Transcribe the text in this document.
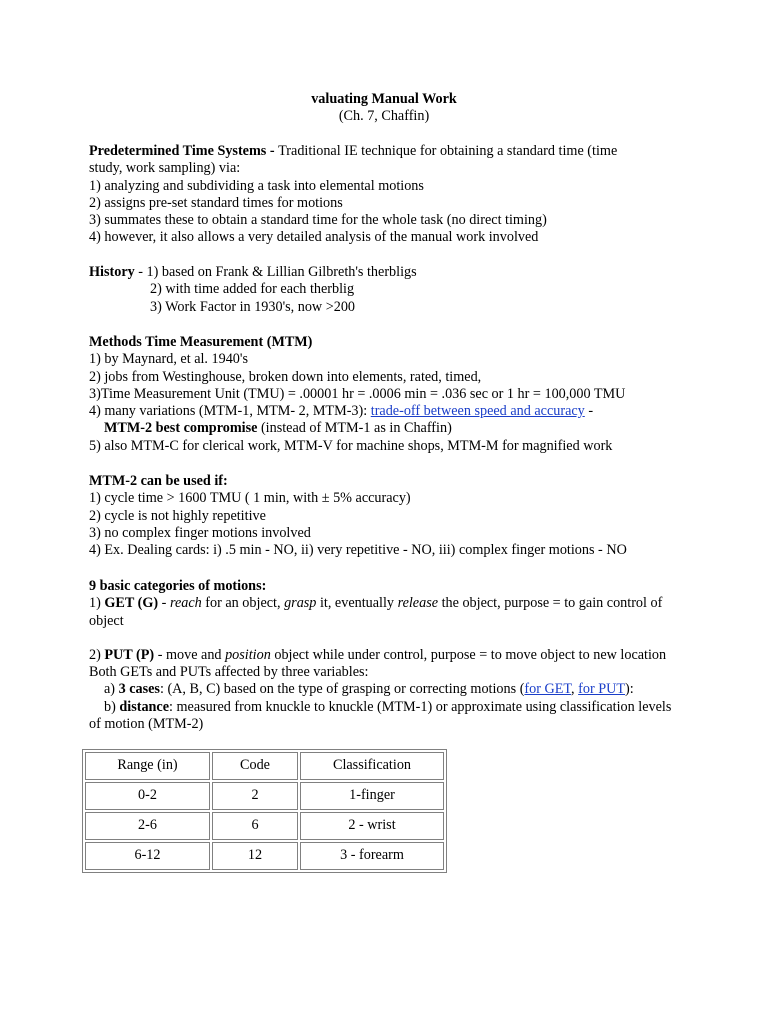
valuating Manual Work
(Ch. 7, Chaffin)
Predetermined Time Systems - Traditional IE technique for obtaining a standard time (time
study, work sampling) via:
1) analyzing and subdividing a task into elemental motions
2) assigns pre-set standard times for motions
3) summates these to obtain a standard time for the whole task (no direct timing)
4) however, it also allows a very detailed analysis of the manual work involved
History - 1) based on Frank & Lillian Gilbreth's therbligs
2) with time added for each therblig
3) Work Factor in 1930's, now >200
Methods Time Measurement (MTM)
1) by Maynard, et al. 1940's
2) jobs from Westinghouse, broken down into elements, rated, timed,
3)Time Measurement Unit (TMU) = .00001 hr = .0006 min = .036 sec or 1 hr = 100,000 TMU
4) many variations (MTM-1, MTM- 2, MTM-3): trade-off between speed and accuracy -
MTM-2 best compromise (instead of MTM-1 as in Chaffin)
5) also MTM-C for clerical work, MTM-V for machine shops, MTM-M for magnified work
MTM-2 can be used if:
1) cycle time > 1600 TMU ( 1 min, with ± 5% accuracy)
2) cycle is not highly repetitive
3) no complex finger motions involved
4) Ex. Dealing cards: i) .5 min - NO, ii) very repetitive - NO, iii) complex finger motions - NO
9 basic categories of motions:
1) GET (G) - reach for an object, grasp it, eventually release the object, purpose = to gain control of object
2) PUT (P) - move and position object while under control, purpose = to move object to new location
Both GETs and PUTs affected by three variables:
a) 3 cases: (A, B, C) based on the type of grasping or correcting motions (for GET, for PUT):
b) distance: measured from knuckle to knuckle (MTM-1) or approximate using classification levels of motion (MTM-2)
Range (in)	Code	Classification
0-2	2	1-finger
2-6	6	2 - wrist
6-12	12	3 - forearm
